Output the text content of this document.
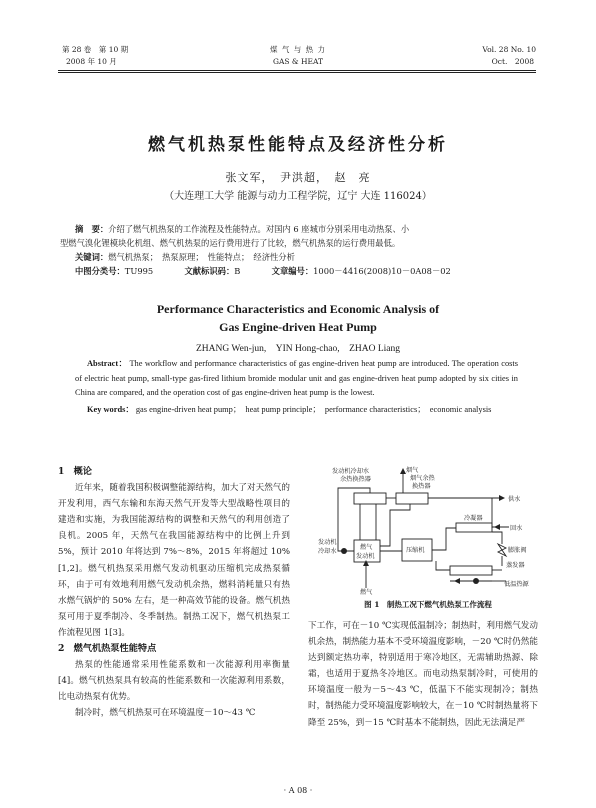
第 28 卷　第 10 期
2008 年 10 月
煤 气 与 热 力
GAS & HEAT
Vol. 28 No. 10
Oct.　2008
燃气机热泵性能特点及经济性分析
张文军，　尹洪超，　赵　亮
（大连理工大学 能源与动力工程学院，辽宁 大连 116024）
摘　要：介绍了燃气机热泵的工作流程及性能特点。对国内 6 座城市分别采用电动热泵、小
型燃气溴化锂模块化机组、燃气机热泵的运行费用进行了比较，燃气机热泵的运行费用最低。
关键词：燃气机热泵；　热泵原理；　性能特点；　经济性分析
中图分类号：TU995	文献标识码：B	文章编号：1000－4416(2008)10－0A08－02
Performance Characteristics and Economic Analysis of
Gas Engine-driven Heat Pump
ZHANG Wen-jun,　YIN Hong-chao,　ZHAO Liang
Abstract： The workflow and performance characteristics of gas engine-driven heat pump are introduced. The operation costs of electric heat pump, small-type gas-fired lithium bromide modular unit and gas engine-driven heat pump adopted by six cities in China are compared, and the operation cost of gas engine-driven heat pump is the lowest.
Key words： gas engine-driven heat pump；　heat pump principle；　performance characteristics；　economic analysis
1　概论
近年来，随着我国积极调整能源结构，加大了对天然气的开发利用，西气东输和东海天然气开发等大型战略性项目的建造和实施，为我国能源结构的调整和天然气的利用创造了良机。2005 年，天然气在我国能源结构中的比例上升到 5%，预计 2010 年将达到 7%～8%，2015 年将超过 10%[1,2]。燃气机热泵采用燃气发动机驱动压缩机完成热泵循环，由于可有效地利用燃气发动机余热，燃料消耗量只有热水燃气锅炉的 50% 左右，是一种高效节能的设备。燃气机热泵可用于夏季制冷、冬季制热。制热工况下，燃气机热泵工作流程见图 1[3]。
2　燃气机热泵性能特点
热泵的性能通常采用性能系数和一次能源利用率衡量[4]。燃气机热泵具有较高的性能系数和一次能源利用系数，比电动热泵有优势。
制冷时，燃气机热泵可在环境温度－10～43 ℃
发动机冷却水
余热换热器
烟气
烟气余热
换热器
供水
冷凝器
回水
发动机
冷却水
燃气
发动机
压缩机	膨胀阀
蒸发器
低温热源
燃气
图 1　制热工况下燃气机热泵工作流程
下工作，可在－10 ℃实现低温制冷；制热时，利用燃气发动机余热，制热能力基本不受环境温度影响，－20 ℃时仍然能达到额定热功率，特别适用于寒冷地区，无需辅助热源、除霜，也适用于夏热冬冷地区。而电动热泵制冷时，可使用的环境温度一般为－5～43 ℃，低温下不能实现制冷；制热时，制热能力受环境温度影响较大，在－10 ℃时制热量将下降至 25%，到－15 ℃时基本不能制热，因此无法满足严
· A 08 ·
